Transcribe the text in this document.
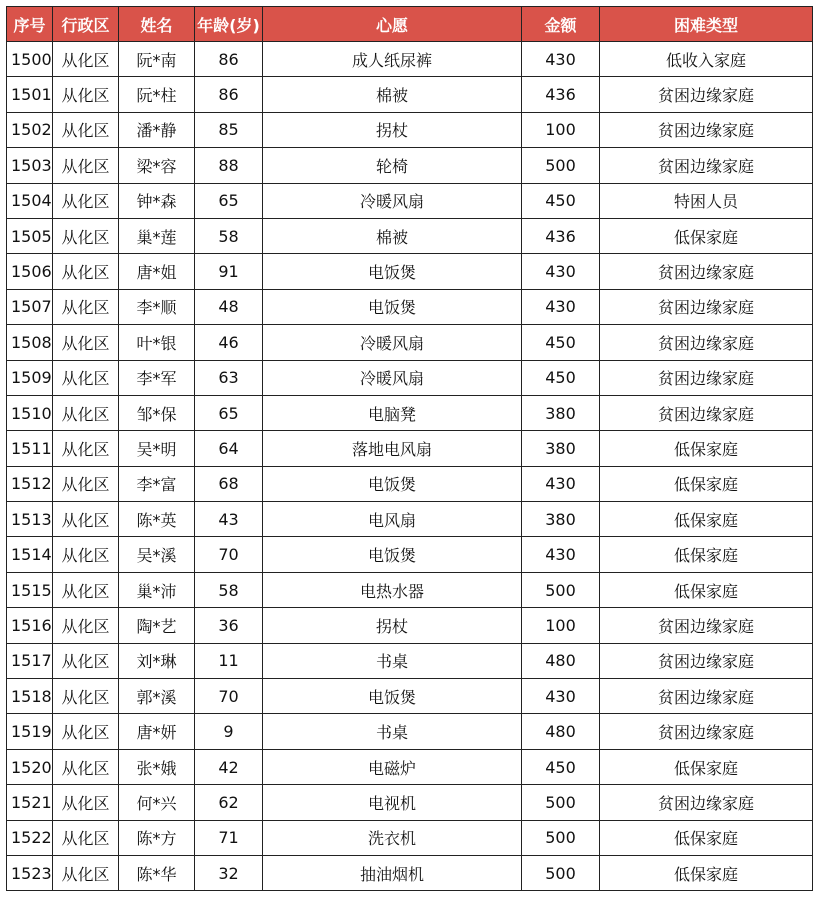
序号	行政区	姓名	年龄(岁)	心愿	金额	困难类型
1500	从化区	阮*南	86	成人纸尿裤	430	低收入家庭
1501	从化区	阮*柱	86	棉被	436	贫困边缘家庭
1502	从化区	潘*静	85	拐杖	100	贫困边缘家庭
1503	从化区	梁*容	88	轮椅	500	贫困边缘家庭
1504	从化区	钟*森	65	冷暖风扇	450	特困人员
1505	从化区	巢*莲	58	棉被	436	低保家庭
1506	从化区	唐*姐	91	电饭煲	430	贫困边缘家庭
1507	从化区	李*顺	48	电饭煲	430	贫困边缘家庭
1508	从化区	叶*银	46	冷暖风扇	450	贫困边缘家庭
1509	从化区	李*军	63	冷暖风扇	450	贫困边缘家庭
1510	从化区	邹*保	65	电脑凳	380	贫困边缘家庭
1511	从化区	吴*明	64	落地电风扇	380	低保家庭
1512	从化区	李*富	68	电饭煲	430	低保家庭
1513	从化区	陈*英	43	电风扇	380	低保家庭
1514	从化区	吴*溪	70	电饭煲	430	低保家庭
1515	从化区	巢*沛	58	电热水器	500	低保家庭
1516	从化区	陶*艺	36	拐杖	100	贫困边缘家庭
1517	从化区	刘*琳	11	书桌	480	贫困边缘家庭
1518	从化区	郭*溪	70	电饭煲	430	贫困边缘家庭
1519	从化区	唐*妍	9	书桌	480	贫困边缘家庭
1520	从化区	张*娥	42	电磁炉	450	低保家庭
1521	从化区	何*兴	62	电视机	500	贫困边缘家庭
1522	从化区	陈*方	71	洗衣机	500	低保家庭
1523	从化区	陈*华	32	抽油烟机	500	低保家庭
